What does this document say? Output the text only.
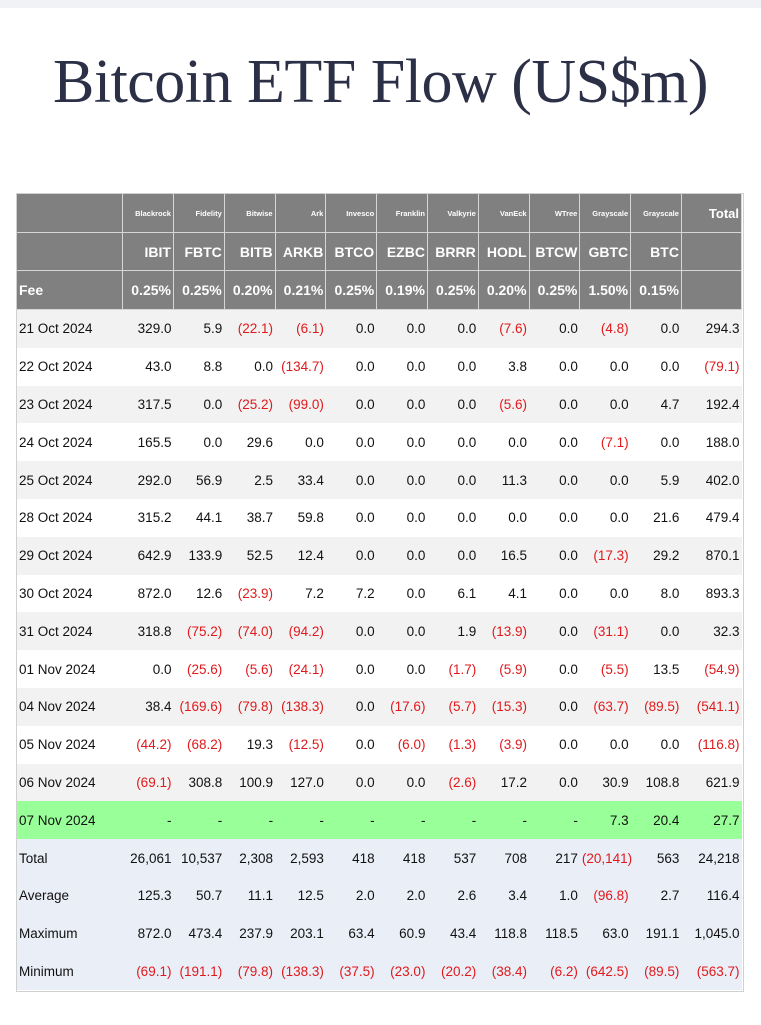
Bitcoin ETF Flow (US$m)
	Blackrock	Fidelity	Bitwise	Ark	Invesco	Franklin	Valkyrie	VanEck	WTree	Grayscale	Grayscale	Total
	IBIT	FBTC	BITB	ARKB	BTCO	EZBC	BRRR	HODL	BTCW	GBTC	BTC	
Fee	0.25%	0.25%	0.20%	0.21%	0.25%	0.19%	0.25%	0.20%	0.25%	1.50%	0.15%	
21 Oct 2024	329.0	5.9	(22.1)	(6.1)	0.0	0.0	0.0	(7.6)	0.0	(4.8)	0.0	294.3
22 Oct 2024	43.0	8.8	0.0	(134.7)	0.0	0.0	0.0	3.8	0.0	0.0	0.0	(79.1)
23 Oct 2024	317.5	0.0	(25.2)	(99.0)	0.0	0.0	0.0	(5.6)	0.0	0.0	4.7	192.4
24 Oct 2024	165.5	0.0	29.6	0.0	0.0	0.0	0.0	0.0	0.0	(7.1)	0.0	188.0
25 Oct 2024	292.0	56.9	2.5	33.4	0.0	0.0	0.0	11.3	0.0	0.0	5.9	402.0
28 Oct 2024	315.2	44.1	38.7	59.8	0.0	0.0	0.0	0.0	0.0	0.0	21.6	479.4
29 Oct 2024	642.9	133.9	52.5	12.4	0.0	0.0	0.0	16.5	0.0	(17.3)	29.2	870.1
30 Oct 2024	872.0	12.6	(23.9)	7.2	7.2	0.0	6.1	4.1	0.0	0.0	8.0	893.3
31 Oct 2024	318.8	(75.2)	(74.0)	(94.2)	0.0	0.0	1.9	(13.9)	0.0	(31.1)	0.0	32.3
01 Nov 2024	0.0	(25.6)	(5.6)	(24.1)	0.0	0.0	(1.7)	(5.9)	0.0	(5.5)	13.5	(54.9)
04 Nov 2024	38.4	(169.6)	(79.8)	(138.3)	0.0	(17.6)	(5.7)	(15.3)	0.0	(63.7)	(89.5)	(541.1)
05 Nov 2024	(44.2)	(68.2)	19.3	(12.5)	0.0	(6.0)	(1.3)	(3.9)	0.0	0.0	0.0	(116.8)
06 Nov 2024	(69.1)	308.8	100.9	127.0	0.0	0.0	(2.6)	17.2	0.0	30.9	108.8	621.9
07 Nov 2024	-	-	-	-	-	-	-	-	-	7.3	20.4	27.7
Total	26,061	10,537	2,308	2,593	418	418	537	708	217	(20,141)	563	24,218
Average	125.3	50.7	11.1	12.5	2.0	2.0	2.6	3.4	1.0	(96.8)	2.7	116.4
Maximum	872.0	473.4	237.9	203.1	63.4	60.9	43.4	118.8	118.5	63.0	191.1	1,045.0
Minimum	(69.1)	(191.1)	(79.8)	(138.3)	(37.5)	(23.0)	(20.2)	(38.4)	(6.2)	(642.5)	(89.5)	(563.7)
